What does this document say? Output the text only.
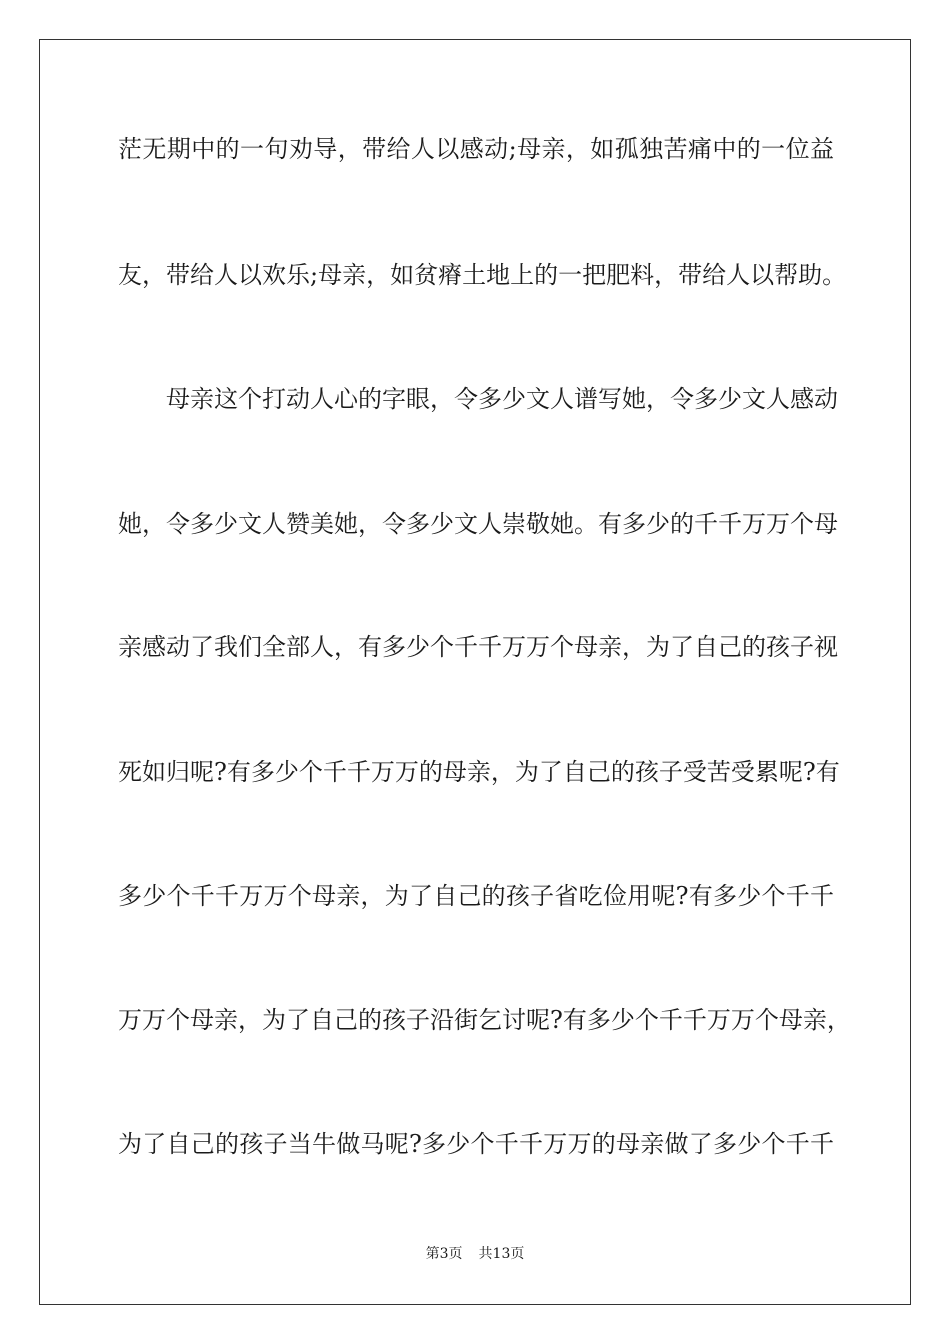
茫无期中的一句劝导，带给人以感动;母亲，如孤独苦痛中的一位益
友，带给人以欢乐;母亲，如贫瘠土地上的一把肥料，带给人以帮助。
母亲这个打动人心的字眼，令多少文人谱写她，令多少文人感动
她，令多少文人赞美她，令多少文人崇敬她。有多少的千千万万个母
亲感动了我们全部人，有多少个千千万万个母亲，为了自己的孩子视
死如归呢?有多少个千千万万的母亲，为了自己的孩子受苦受累呢?有
多少个千千万万个母亲，为了自己的孩子省吃俭用呢?有多少个千千
万万个母亲，为了自己的孩子沿街乞讨呢?有多少个千千万万个母亲，
为了自己的孩子当牛做马呢?多少个千千万万的母亲做了多少个千千
第3页 共13页
